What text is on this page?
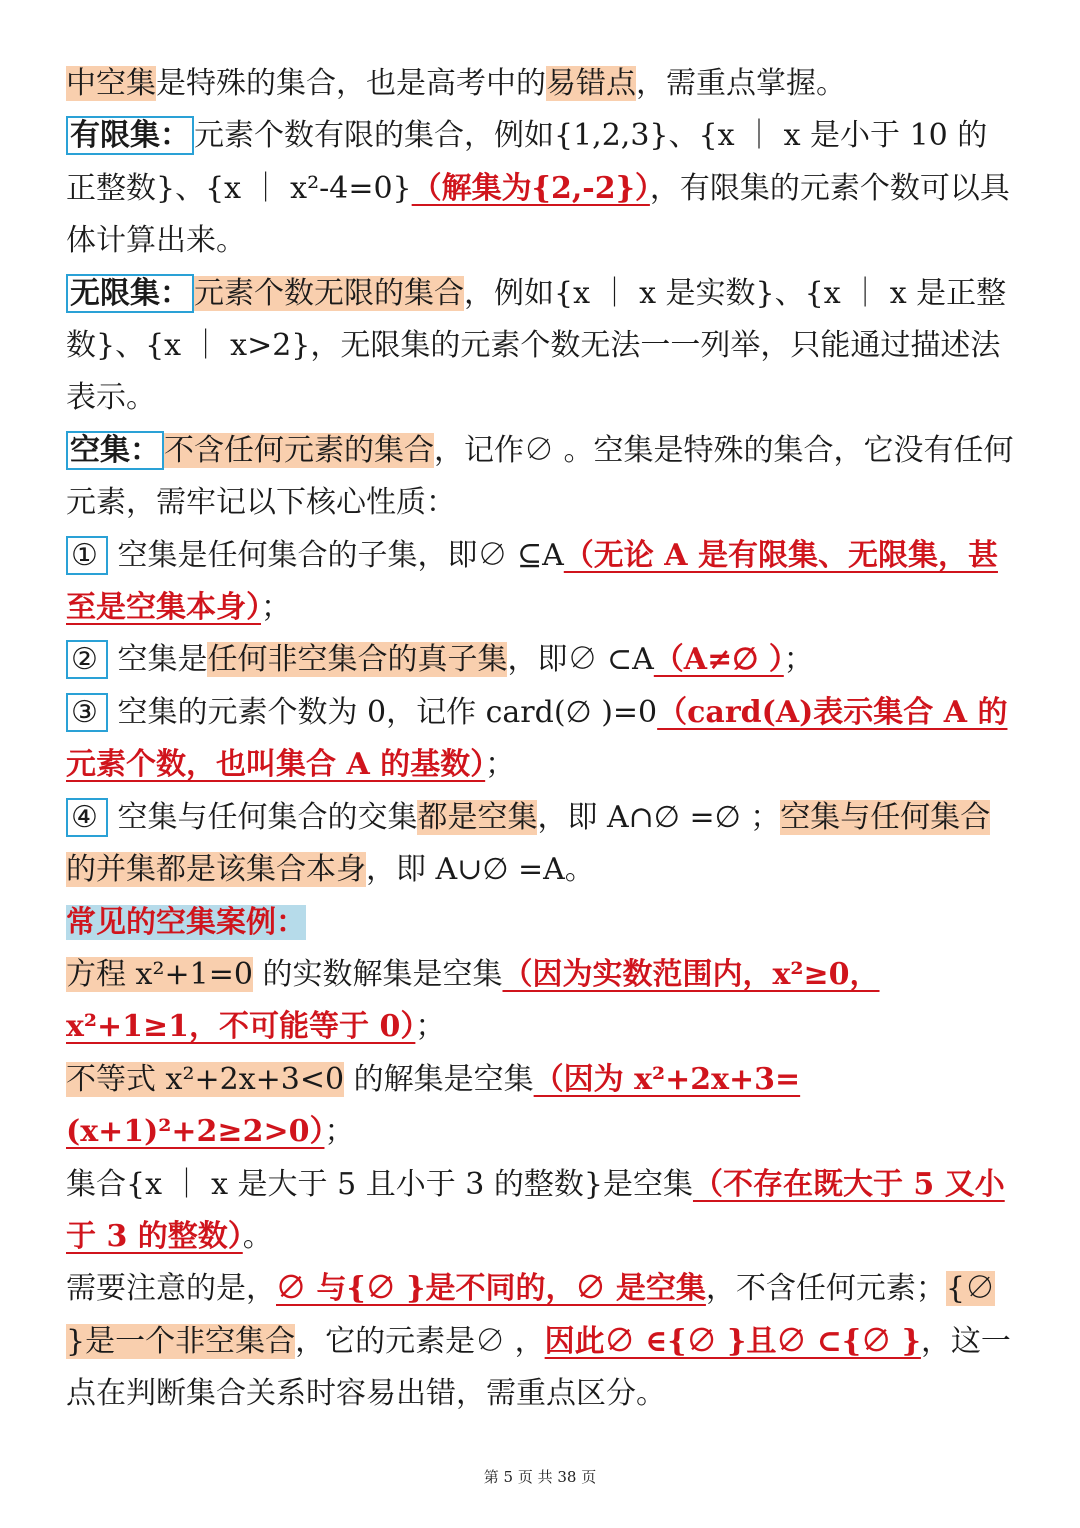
中空集是特殊的集合，也是高考中的易错点，需重点掌握。

有限集： 元素个数有限的集合，例如{1,2,3}、{x ｜ x 是小于 10 的正整数}、{x ｜ x²-4=0}（解集为{2,-2}），有限集的元素个数可以具体计算出来。

无限集： 元素个数无限的集合，例如{x ｜ x 是实数}、{x ｜ x 是正整数}、{x ｜ x>2}，无限集的元素个数无法一一列举，只能通过描述法表示。

空集： 不含任何元素的集合，记作∅ 。空集是特殊的集合，它没有任何元素，需牢记以下核心性质：

① 空集是任何集合的子集，即∅ ⊆A（无论 A 是有限集、无限集，甚至是空集本身）；

② 空集是任何非空集合的真子集，即∅ ⊂A（A≠∅ ）；

③ 空集的元素个数为 0，记作 card(∅ )=0（card(A)表示集合 A 的元素个数，也叫集合 A 的基数）；

④ 空集与任何集合的交集都是空集，即 A∩∅ =∅ ；空集与任何集合的并集都是该集合本身，即 A∪∅ =A。

常见的空集案例：

方程 x²+1=0 的实数解集是空集（因为实数范围内，x²≥0，x²+1≥1，不可能等于 0）；

不等式 x²+2x+3<0 的解集是空集（因为 x²+2x+3=(x+1)²+2≥2>0）；

集合{x ｜ x 是大于 5 且小于 3 的整数}是空集（不存在既大于 5 又小于 3 的整数）。

需要注意的是，∅ 与{∅ }是不同的，∅ 是空集，不含任何元素；{∅ }是一个非空集合，它的元素是∅ ，因此∅ ∈{∅ }且∅ ⊂{∅ }，这一点在判断集合关系时容易出错，需重点区分。

第 5 页 共 38 页
